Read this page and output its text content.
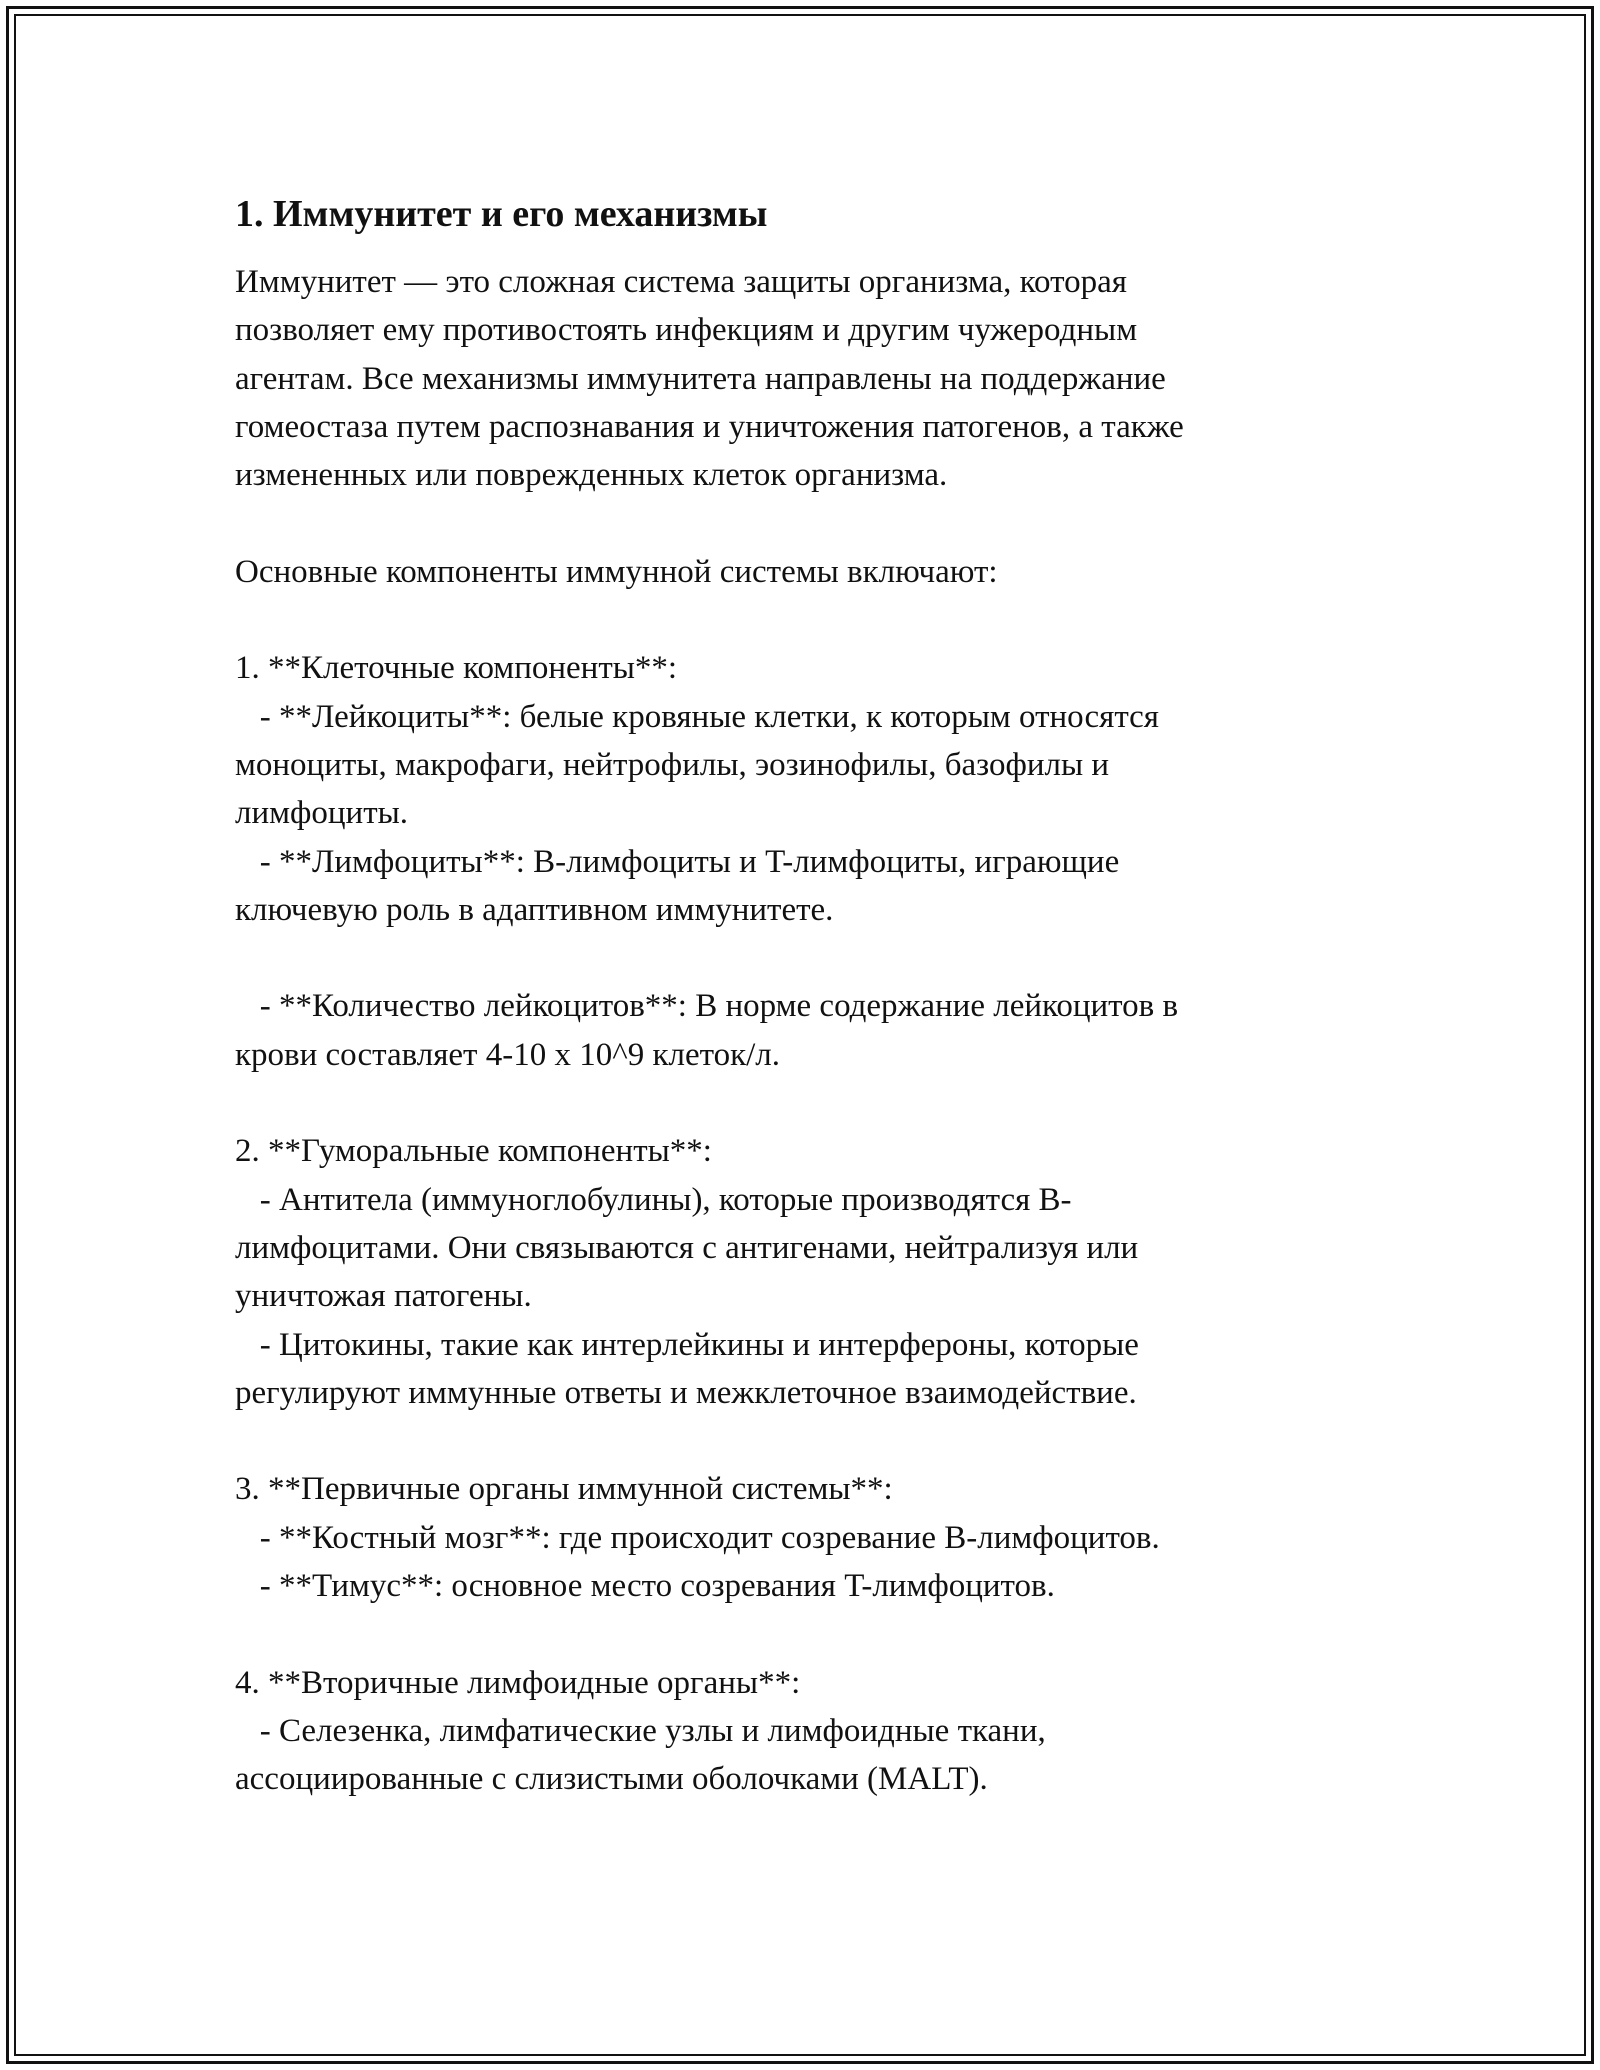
1. Иммунитет и его механизмы

Иммунитет — это сложная система защиты организма, которая

позволяет ему противостоять инфекциям и другим чужеродным

агентам. Все механизмы иммунитета направлены на поддержание

гомеостаза путем распознавания и уничтожения патогенов, а также

измененных или поврежденных клеток организма.

Основные компоненты иммунной системы включают:

1. **Клеточные компоненты**:

- **Лейкоциты**: белые кровяные клетки, к которым относятся

моноциты, макрофаги, нейтрофилы, эозинофилы, базофилы и

лимфоциты.

- **Лимфоциты**: B-лимфоциты и T-лимфоциты, играющие

ключевую роль в адаптивном иммунитете.

- **Количество лейкоцитов**: В норме содержание лейкоцитов в

крови составляет 4-10 x 10^9 клеток/л.

2. **Гуморальные компоненты**:

- Антитела (иммуноглобулины), которые производятся B-

лимфоцитами. Они связываются с антигенами, нейтрализуя или

уничтожая патогены.

- Цитокины, такие как интерлейкины и интерфероны, которые

регулируют иммунные ответы и межклеточное взаимодействие.

3. **Первичные органы иммунной системы**:

- **Костный мозг**: где происходит созревание B-лимфоцитов.

- **Тимус**: основное место созревания T-лимфоцитов.

4. **Вторичные лимфоидные органы**:

- Селезенка, лимфатические узлы и лимфоидные ткани,

ассоциированные с слизистыми оболочками (MALT).
